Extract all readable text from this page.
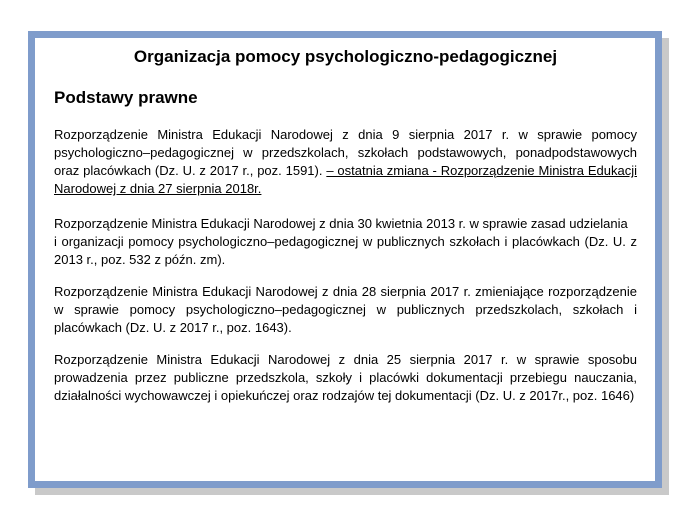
Organizacja pomocy psychologiczno-pedagogicznej
Podstawy prawne

Rozporządzenie Ministra Edukacji Narodowej z dnia 9 sierpnia 2017 r. w sprawie pomocy psychologiczno–pedagogicznej w przedszkolach, szkołach podstawowych, ponadpodstawowych oraz placówkach (Dz. U. z 2017 r., poz. 1591). – ostatnia zmiana - Rozporządzenie Ministra Edukacji Narodowej z dnia 27 sierpnia 2018r.

Rozporządzenie Ministra Edukacji Narodowej z dnia 30 kwietnia 2013 r. w sprawie zasad udzielania
i organizacji pomocy psychologiczno–pedagogicznej w publicznych szkołach i placówkach (Dz. U. z 2013 r., poz. 532 z późn. zm).

Rozporządzenie Ministra Edukacji Narodowej z dnia 28 sierpnia 2017 r. zmieniające rozporządzenie w sprawie pomocy psychologiczno–pedagogicznej w publicznych przedszkolach, szkołach i placówkach (Dz. U. z 2017 r., poz. 1643).

Rozporządzenie Ministra Edukacji Narodowej z dnia 25 sierpnia 2017 r. w sprawie sposobu prowadzenia przez publiczne przedszkola, szkoły i placówki dokumentacji przebiegu nauczania, działalności wychowawczej i opiekuńczej oraz rodzajów tej dokumentacji (Dz. U. z 2017r., poz. 1646)
